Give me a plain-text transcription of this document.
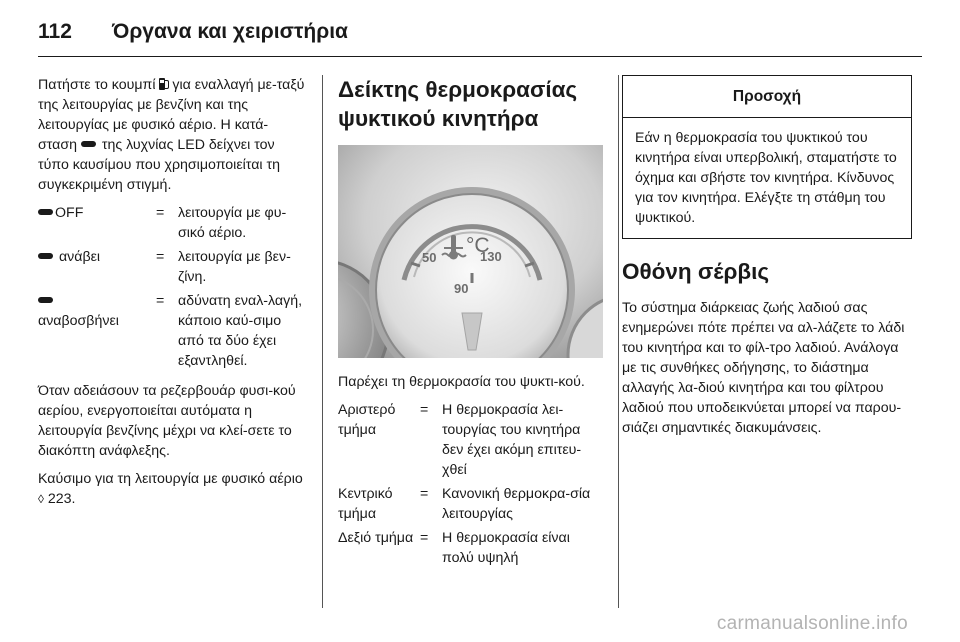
112 Όργανα και χειριστήρια

Πατήστε το κουμπί
για εναλλαγή με-ταξύ της λειτουργίας με βενζίνη και της λειτουργίας με φυσικό αέριο. Η κατά-σταση  της λυχνίας LED δείχνει τον τύπο καυσίμου που χρησιμοποιείται τη συγκεκριμένη στιγμή.

OFF	= λειτουργία με φυ-σικό αέριο.
ανάβει	= λειτουργία με βεν-ζίνη.

αναβοσβήνει
= αδύνατη εναλ-λαγή, κάποιο καύ-σιμο από τα δύο έχει εξαντληθεί.

Όταν αδειάσουν τα ρεζερβουάρ φυσι-κού αερίου, ενεργοποιείται αυτόματα η λειτουργία βενζίνης μέχρι να κλεί-σετε το διακόπτη ανάφλεξης.

Καύσιμο για τη λειτουργία με φυσικό αέριο ◊ 223.

Δείκτης θερμοκρασίας ψυκτικού κινητήρα
°C
50	130
90

Παρέχει τη θερμοκρασία του ψυκτι-κού.

Αριστερό τμήμα
= Η θερμοκρασία λει-τουργίας του κινητήρα δεν έχει ακόμη επιτευ-χθεί
Κεντρικό τμήμα
= Κανονική θερμοκρα-σία λειτουργίας
Δεξιό τμήμα = Η θερμοκρασία είναι πολύ υψηλή
Προσοχή
Εάν η θερμοκρασία του ψυκτικού του κινητήρα είναι υπερβολική, σταματήστε το όχημα και σβήστε τον κινητήρα. Κίνδυνος για τον κινητήρα. Ελέγξτε τη στάθμη του ψυκτικού.
Οθόνη σέρβις

Το σύστημα διάρκειας ζωής λαδιού σας ενημερώνει πότε πρέπει να αλ-λάζετε το λάδι του κινητήρα και το φίλ-τρο λαδιού. Ανάλογα με τις συνθήκες οδήγησης, το διάστημα αλλαγής λα-διού κινητήρα και του φίλτρου λαδιού που υποδεικνύεται μπορεί να παρου-σιάζει σημαντικές διακυμάνσεις.

carmanualsonline.info
